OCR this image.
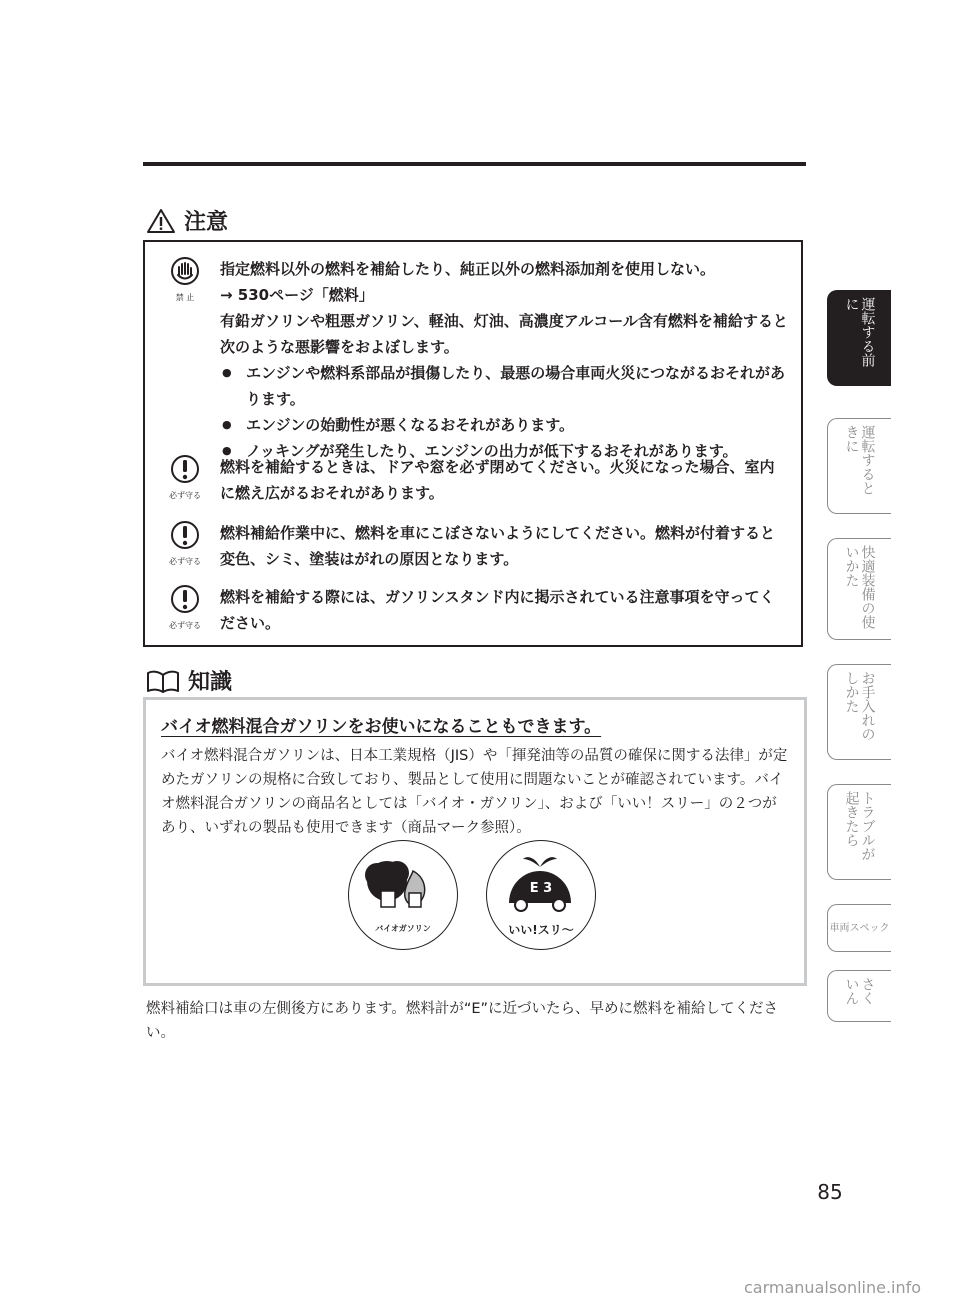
注意
禁 止
指定燃料以外の燃料を補給したり、純正以外の燃料添加剤を使用しない。
→ 530ページ「燃料」
有鉛ガソリンや粗悪ガソリン、軽油、灯油、高濃度アルコール含有燃料を補給すると次のような悪影響をおよぼします。
● エンジンや燃料系部品が損傷したり、最悪の場合車両火災につながるおそれがあります。
● エンジンの始動性が悪くなるおそれがあります。
● ノッキングが発生したり、エンジンの出力が低下するおそれがあります。
必ず守る
燃料を補給するときは、ドアや窓を必ず閉めてください。火災になった場合、室内に燃え広がるおそれがあります。
必ず守る
燃料補給作業中に、燃料を車にこぼさないようにしてください。燃料が付着すると変色、シミ、塗装はがれの原因となります。
必ず守る
燃料を補給する際には、ガソリンスタンド内に掲示されている注意事項を守ってください。
知識
バイオ燃料混合ガソリンをお使いになることもできます。
バイオ燃料混合ガソリンは、日本工業規格（JIS）や「揮発油等の品質の確保に関する法律」が定めたガソリンの規格に合致しており、製品として使用に問題ないことが確認されています。バイオ燃料混合ガソリンの商品名としては「バイオ・ガソリン」、および「いい！スリー」の２つがあり、いずれの製品も使用できます（商品マーク参照）。
バイオガソリン
E 3
いい!スリ〜
燃料補給口は車の左側後方にあります。燃料計が“E”に近づいたら、早めに燃料を補給してください。
運転する前に
運転するときに
快適装備の使いかた
お手入れのしかた
トラブルが起きたら
車両スペック
さくいん
85
carmanualsonline.info
